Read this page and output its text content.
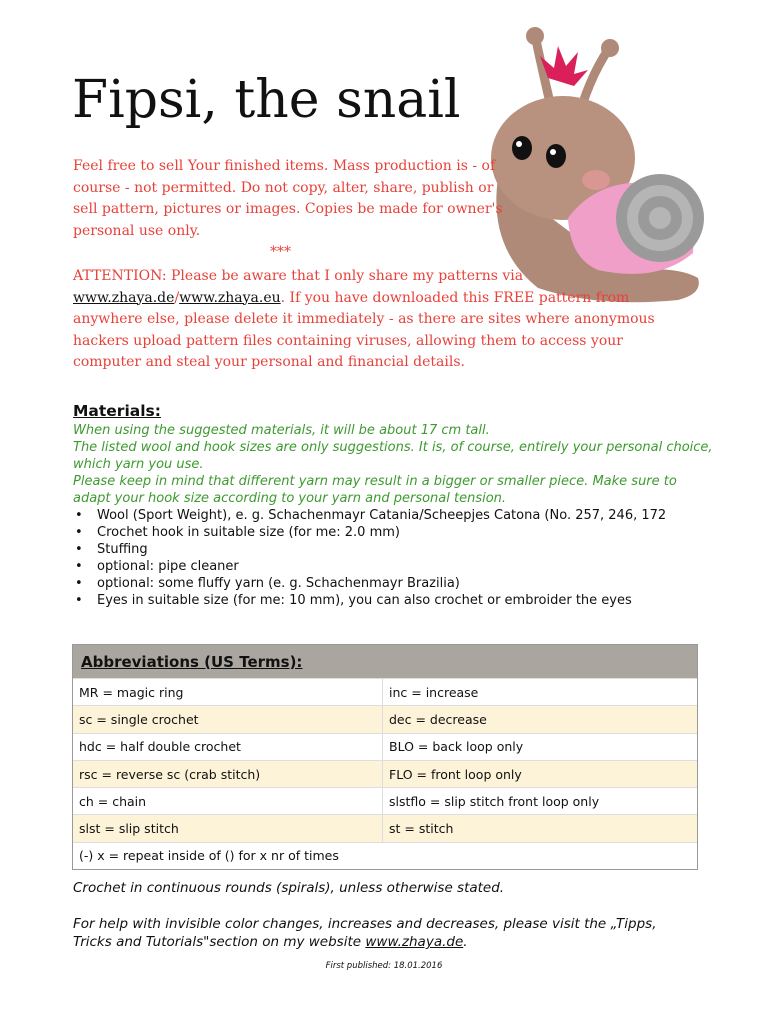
Fipsi, the snail

Feel free to sell Your finished items. Mass production is - of course - not permitted. Do not copy, alter, share, publish or sell pattern, pictures or images. Copies be made for owner's personal use only.

***

ATTENTION: Please be aware that I only share my patterns via www.zhaya.de/www.zhaya.eu. If you have downloaded this FREE pattern from anywhere else, please delete it immediately - as there are sites where anonymous hackers upload pattern files containing viruses, allowing them to access your computer and steal your personal and financial details.

Materials:

When using the suggested materials, it will be about 17 cm tall.

The listed wool and hook sizes are only suggestions. It is, of course, entirely your personal choice, which yarn you use.

Please keep in mind that different yarn may result in a bigger or smaller piece. Make sure to adapt your hook size according to your yarn and personal tension.

• Wool (Sport Weight), e. g. Schachenmayr Catania/Scheepjes Catona (No. 257, 246, 172
• Crochet hook in suitable size (for me: 2.0 mm)
• Stuffing
• optional: pipe cleaner
• optional: some fluffy yarn (e. g. Schachenmayr Brazilia)
• Eyes in suitable size (for me: 10 mm), you can also crochet or embroider the eyes
Abbreviations (US Terms):
MR = magic ring	inc = increase
sc = single crochet	dec = decrease
hdc = half double crochet	BLO = back loop only
rsc = reverse sc (crab stitch)	FLO = front loop only
ch = chain	slstflo = slip stitch front loop only
slst = slip stitch	st = stitch
(-) x = repeat inside of () for x nr of times

Crochet in continuous rounds (spirals), unless otherwise stated.

For help with invisible color changes, increases and decreases, please visit the „Tipps, Tricks and Tutorials"section on my website www.zhaya.de.

First published: 18.01.2016
